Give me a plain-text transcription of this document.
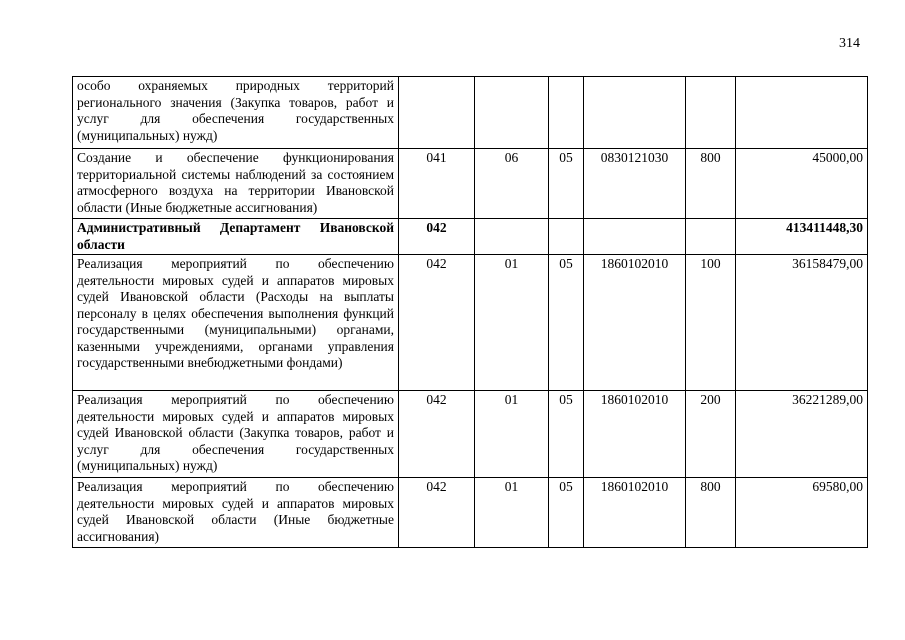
314
особо охраняемых природных территорий регионального значения (Закупка товаров, работ и услуг для обеспечения государственных (муниципальных) нужд)						
Создание и обеспечение функционирования территориальной системы наблюдений за состоянием атмосферного воздуха на территории Ивановской области (Иные бюджетные ассигнования)	041	06	05	0830121030	800	45000,00
Административный Департамент Ивановской области	042					413411448,30
Реализация мероприятий по обеспечению деятельности мировых судей и аппаратов мировых судей Ивановской области (Расходы на выплаты персоналу в целях обеспечения выполнения функций государственными (муниципальными) органами, казенными учреждениями, органами управления государственными внебюджетными фондами)	042	01	05	1860102010	100	36158479,00
Реализация мероприятий по обеспечению деятельности мировых судей и аппаратов мировых судей Ивановской области (Закупка товаров, работ и услуг для обеспечения государственных (муниципальных) нужд)	042	01	05	1860102010	200	36221289,00
Реализация мероприятий по обеспечению деятельности мировых судей и аппаратов мировых судей Ивановской области (Иные бюджетные ассигнования)	042	01	05	1860102010	800	69580,00
